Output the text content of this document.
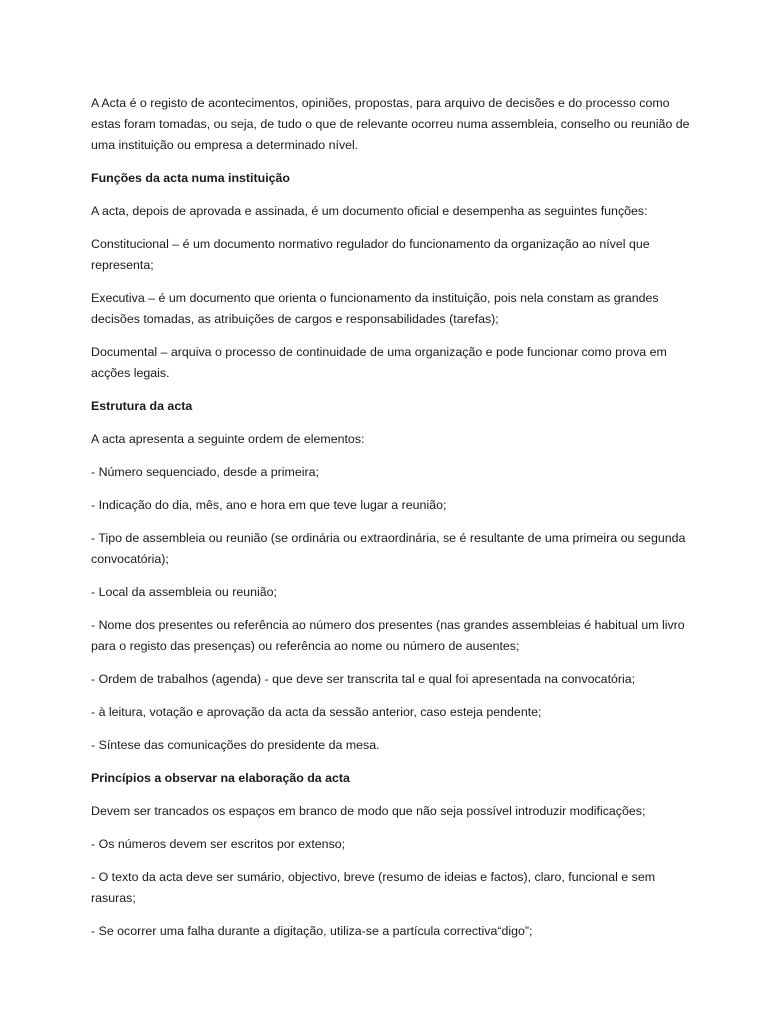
A Acta é o registo de acontecimentos, opiniões, propostas, para arquivo de decisões e do processo como estas foram tomadas, ou seja, de tudo o que de relevante ocorreu numa assembleia, conselho ou reunião de uma instituição ou empresa a determinado nível.

Funções da acta numa instituição

A acta, depois de aprovada e assinada, é um documento oficial e desempenha as seguintes funções:

Constitucional – é um documento normativo regulador do funcionamento da organização ao nível que representa;

Executiva – é um documento que orienta o funcionamento da instituição, pois nela constam as grandes decisões tomadas, as atribuições de cargos e responsabilidades (tarefas);

Documental – arquiva o processo de continuidade de uma organização e pode funcionar como prova em acções legais.

Estrutura da acta

A acta apresenta a seguinte ordem de elementos:

- Número sequenciado, desde a primeira;

- Indicação do dia, mês, ano e hora em que teve lugar a reunião;

- Tipo de assembleia ou reunião (se ordinária ou extraordinária, se é resultante de uma primeira ou segunda convocatória);

- Local da assembleia ou reunião;

- Nome dos presentes ou referência ao número dos presentes (nas grandes assembleias é habitual um livro para o registo das presenças) ou referência ao nome ou número de ausentes;

- Ordem de trabalhos (agenda) - que deve ser transcrita tal e qual foi apresentada na convocatória;

- à leitura, votação e aprovação da acta da sessão anterior, caso esteja pendente;

- Síntese das comunicações do presidente da mesa.

Princípios a observar na elaboração da acta

Devem ser trancados os espaços em branco de modo que não seja possível introduzir modificações;

- Os números devem ser escritos por extenso;

- O texto da acta deve ser sumário, objectivo, breve (resumo de ideias e factos), claro, funcional e sem rasuras;

- Se ocorrer uma falha durante a digitação, utiliza-se a partícula correctiva“digo”;
